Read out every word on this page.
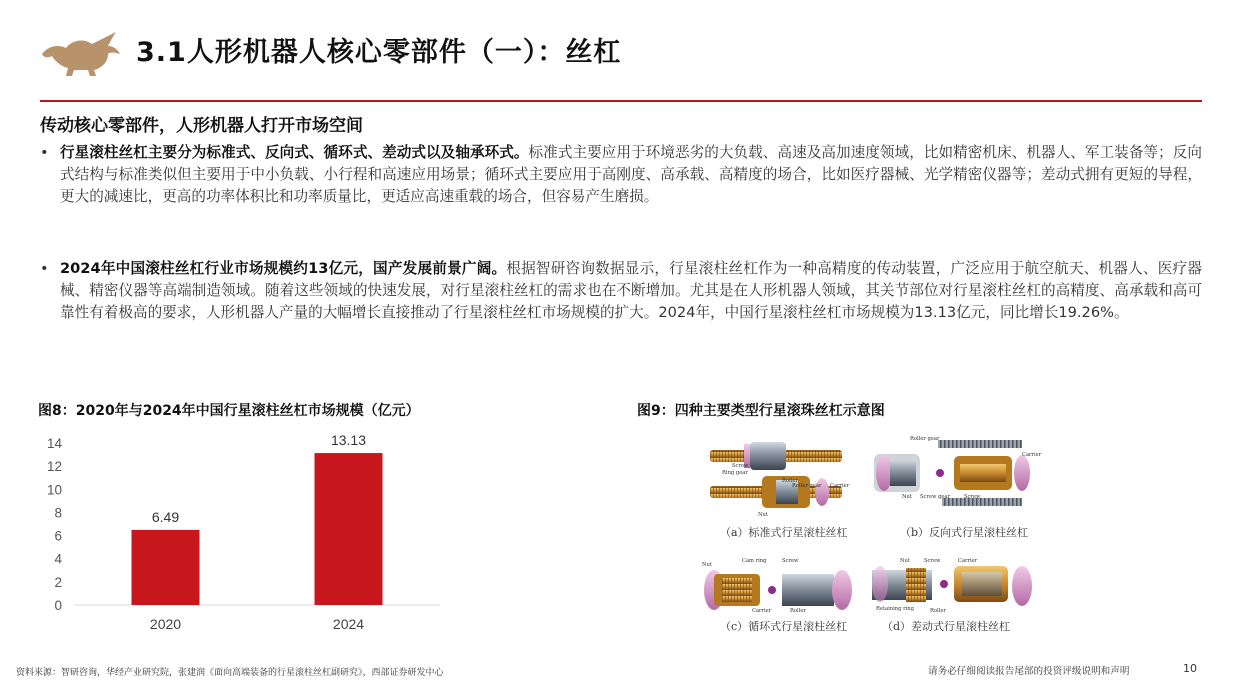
3.1人形机器人核心零部件（一）：丝杠
传动核心零部件，人形机器人打开市场空间
• 行星滚柱丝杠主要分为标准式、反向式、循环式、差动式以及轴承环式。标准式主要应用于环境恶劣的大负载、高速及高加速度领域，比如精密机床、机器人、军工装备等；反向式结构与标准类似但主要用于中小负载、小行程和高速应用场景；循环式主要应用于高刚度、高承载、高精度的场合，比如医疗器械、光学精密仪器等；差动式拥有更短的导程，更大的减速比，更高的功率体积比和功率质量比，更适应高速重载的场合，但容易产生磨损。
• 2024年中国滚柱丝杠行业市场规模约13亿元，国产发展前景广阔。根据智研咨询数据显示，行星滚柱丝杠作为一种高精度的传动装置，广泛应用于航空航天、机器人、医疗器械、精密仪器等高端制造领域。随着这些领域的快速发展，对行星滚柱丝杠的需求也在不断增加。尤其是在人形机器人领域，其关节部位对行星滚柱丝杠的高精度、高承载和高可靠性有着极高的要求，人形机器人产量的大幅增长直接推动了行星滚柱丝杠市场规模的扩大。2024年，中国行星滚柱丝杠市场规模为13.13亿元，同比增长19.26%。
图8：2020年与2024年中国行星滚柱丝杠市场规模（亿元）
0
2
4
6
8
10
12
14
6.49
2020
13.13
2024
图9：四种主要类型行星滚珠丝杠示意图
Screw
Ring gear
Roller
Roller gear Carrier
Nut
（a）标准式行星滚柱丝杠
Roller gear
Carrier
Nut Screw gear	Screw
（b）反向式行星滚柱丝杠
Nut
Cam ring	Screw
Carrier	Roller
（c）循环式行星滚柱丝杠
Nut	Screw	Carrier
Retaining ring	Roller
（d）差动式行星滚柱丝杠
资料来源：智研咨询，华经产业研究院，张建润《面向高端装备的行星滚柱丝杠副研究》，西部证券研发中心	请务必仔细阅读报告尾部的投资评级说明和声明	10
